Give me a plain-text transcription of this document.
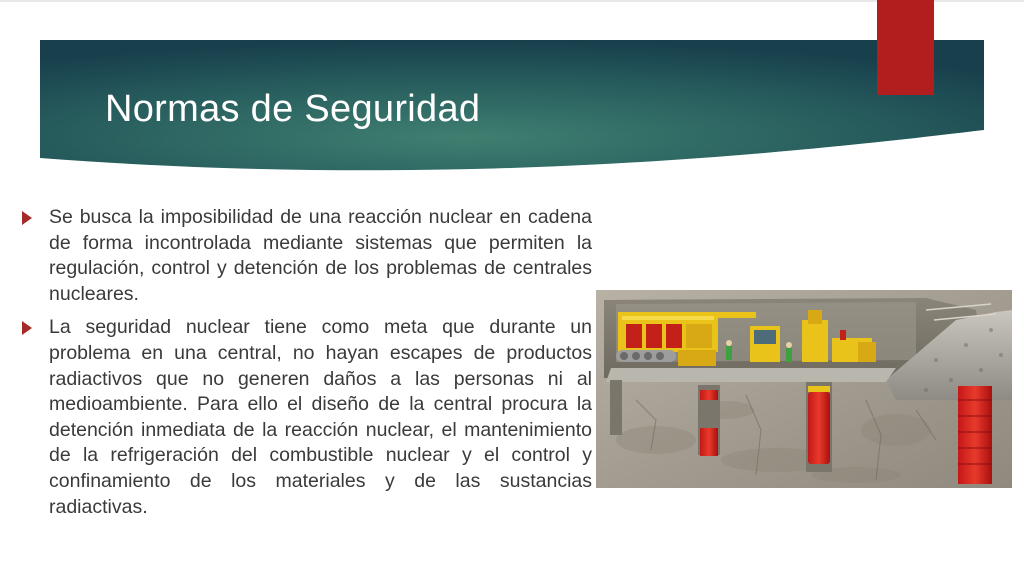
Normas de Seguridad
Se busca la imposibilidad de una reacción nuclear en cadena de forma incontrolada mediante sistemas que permiten la regulación, control y detención de los problemas de centrales nucleares.
La seguridad nuclear tiene como meta que durante un problema en una central, no hayan escapes de productos radiactivos que no generen daños a las personas ni al medioambiente. Para ello el diseño de la central procura la detención inmediata de la reacción nuclear, el mantenimiento de la refrigeración del combustible nuclear y el control y confinamiento de los materiales y de las sustancias radiactivas.
